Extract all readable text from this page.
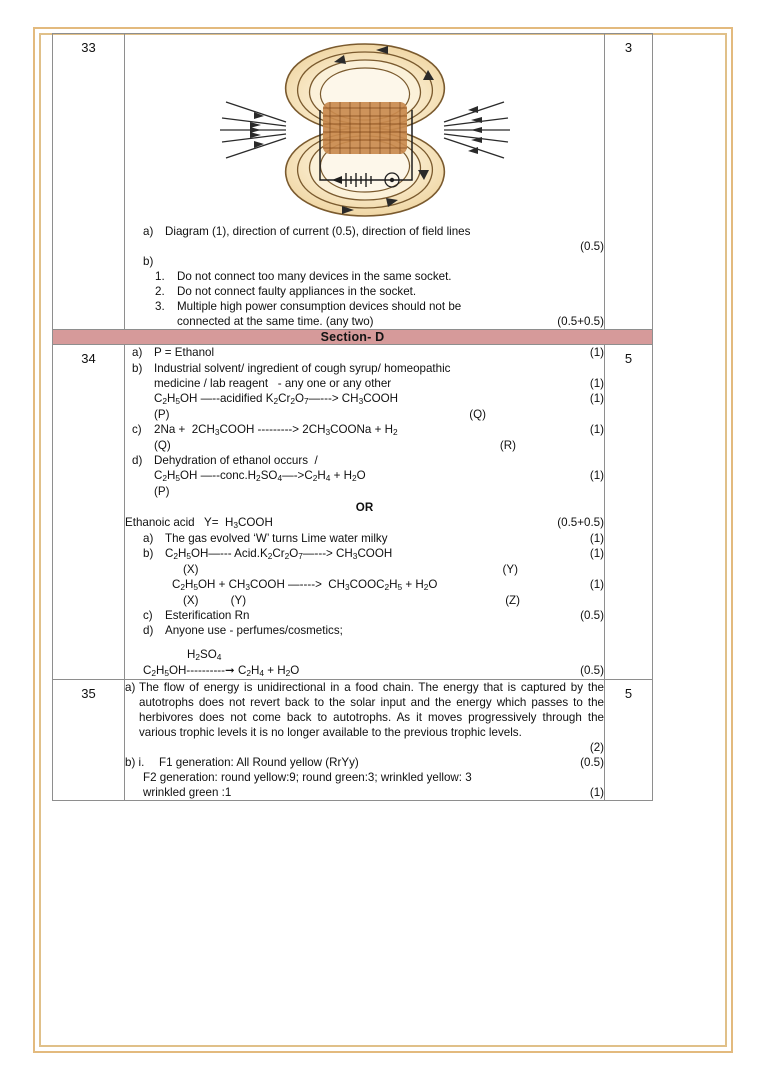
33

a)	Diagram (1), direction of current (0.5), direction of field lines
(0.5)
b)
1.	Do not connect too many devices in the same socket.
2.	Do not connect faulty appliances in the socket.
3.	Multiple high power consumption devices should not be
connected at the same time. (any two)	(0.5+0.5)

3

Section- D		

34	a)	P = Ethanol	(1)
b)	Industrial solvent/ ingredient of cough syrup/ homeopathic
medicine / lab reagent   - any one or any other	(1)
$C_2H_5OH$ —--acidified $K_2Cr_2O_7—--->$ $CH_3COOH$	(1)
(P)	(Q)
c)	$2Na + 2CH_3COOH$ ---------> $2CH_3COONa + H_2$	(1)
(Q)	(R)
d)	Dehydration of ethanol occurs  /
$C_2H_5OH$ $—--conc.H_2SO_4—->C_2H_4 + H_2O$	(1)
(P)
OR
Ethanoic acid   $Y= H_3COOH$	(0.5+0.5)
a)	The gas evolved ‘W’ turns Lime water milky	(1)
b)	$C_2H_5OH—---$ $Acid.K_2Cr_2O_7—--->$ $CH_3COOH$	(1)
(X)	(Y)
$C_2H_5OH$ + $CH_3COOH$ —---->  $CH_3COOC_2H_5 + H_2O$	(1)
(X)          (Y)	(Z)
c)	Esterification Rn	(0.5)
d)	Anyone use - perfumes/cosmetics;
$H_2SO_4$
$C_2H_5OH----------➞$ $C_2H_4 + H_2O$	(0.5)

5

35	a) The flow of energy is unidirectional in a food chain. The energy that is captured by the autotrophs does not revert back to the solar input and the energy which passes to the herbivores does not come back to autotrophs. As it moves progressively through the various trophic levels it is no longer available to the previous trophic levels.
(2)
b) i.	F1 generation: All Round yellow (RrYy)	(0.5)
F2 generation: round yellow:9; round green:3; wrinkled yellow: 3
wrinkled green :1	(1)

5
